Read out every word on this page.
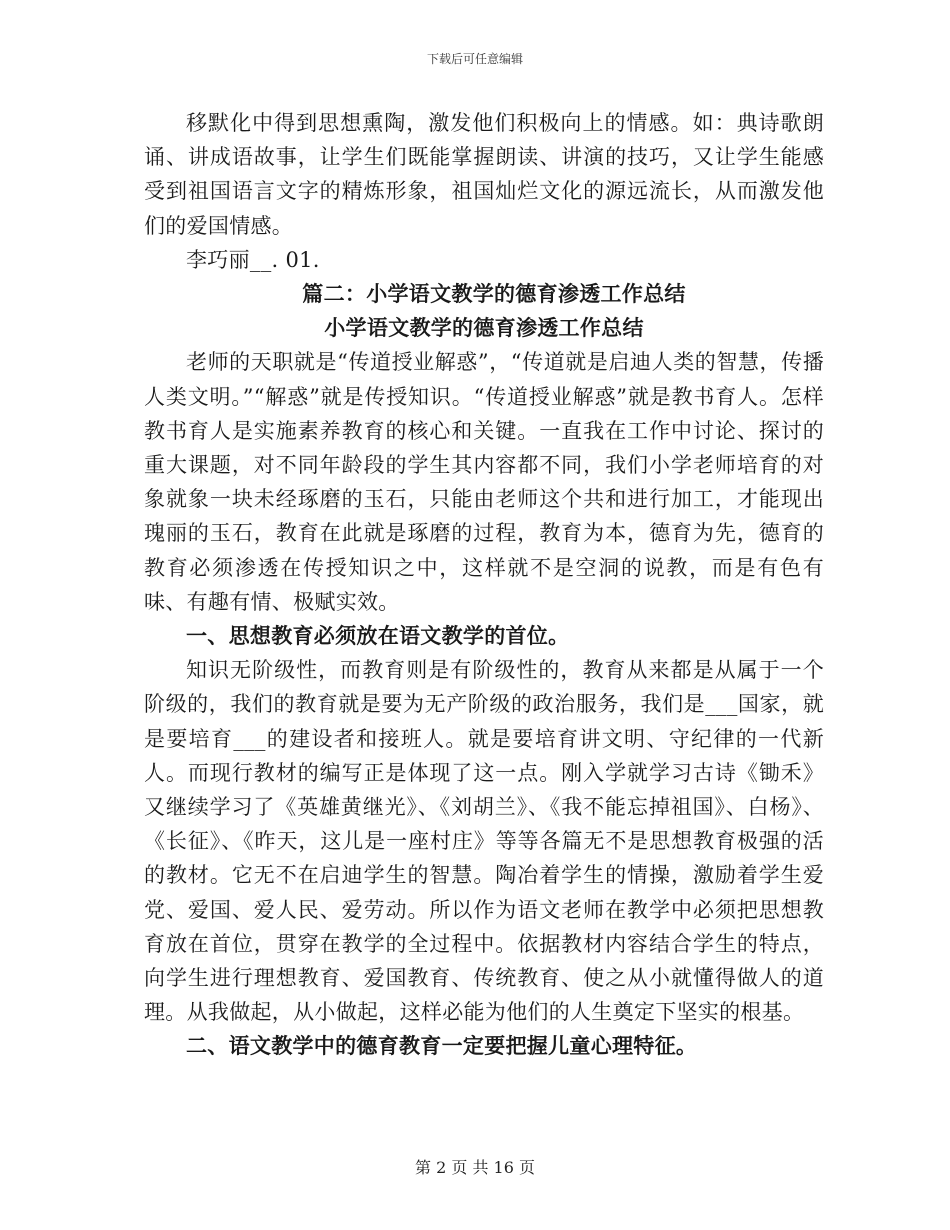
下载后可任意编辑

移默化中得到思想熏陶，激发他们积极向上的情感。如：典诗歌朗诵、讲成语故事，让学生们既能掌握朗读、讲演的技巧，又让学生能感受到祖国语言文字的精炼形象，祖国灿烂文化的源远流长，从而激发他们的爱国情感。

李巧丽__. 01.

篇二：小学语文教学的德育渗透工作总结

小学语文教学的德育渗透工作总结

老师的天职就是“传道授业解惑”，“传道就是启迪人类的智慧，传播人类文明。”“解惑”就是传授知识。“传道授业解惑”就是教书育人。怎样教书育人是实施素养教育的核心和关键。一直我在工作中讨论、探讨的重大课题，对不同年龄段的学生其内容都不同，我们小学老师培育的对象就象一块未经琢磨的玉石，只能由老师这个共和进行加工，才能现出瑰丽的玉石，教育在此就是琢磨的过程，教育为本，德育为先，德育的教育必须渗透在传授知识之中，这样就不是空洞的说教，而是有色有味、有趣有情、极赋实效。

一、思想教育必须放在语文教学的首位。

知识无阶级性，而教育则是有阶级性的，教育从来都是从属于一个阶级的，我们的教育就是要为无产阶级的政治服务，我们是___国家，就是要培育___的建设者和接班人。就是要培育讲文明、守纪律的一代新人。而现行教材的编写正是体现了这一点。刚入学就学习古诗《锄禾》又继续学习了《英雄黄继光》、《刘胡兰》、《我不能忘掉祖国》、白杨》、《长征》、《昨天，这儿是一座村庄》等等各篇无不是思想教育极强的活的教材。它无不在启迪学生的智慧。陶冶着学生的情操，激励着学生爱党、爱国、爱人民、爱劳动。所以作为语文老师在教学中必须把思想教育放在首位，贯穿在教学的全过程中。依据教材内容结合学生的特点，向学生进行理想教育、爱国教育、传统教育、使之从小就懂得做人的道理。从我做起，从小做起，这样必能为他们的人生奠定下坚实的根基。

二、语文教学中的德育教育一定要把握儿童心理特征。

第 2 页 共 16 页
